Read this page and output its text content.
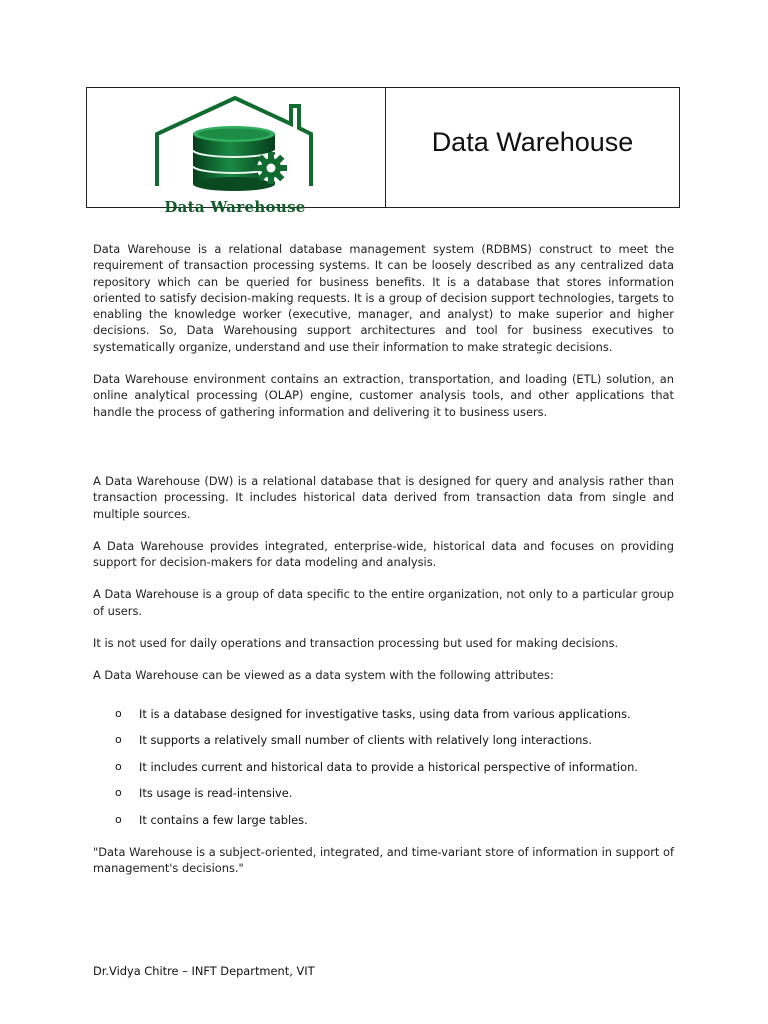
Data Warehouse
Data Warehouse

Data Warehouse is a relational database management system (RDBMS) construct to meet the requirement of transaction processing systems. It can be loosely described as any centralized data repository which can be queried for business benefits. It is a database that stores information oriented to satisfy decision-making requests. It is a group of decision support technologies, targets to enabling the knowledge worker (executive, manager, and analyst) to make superior and higher decisions. So, Data Warehousing support architectures and tool for business executives to systematically organize, understand and use their information to make strategic decisions.

Data Warehouse environment contains an extraction, transportation, and loading (ETL) solution, an online analytical processing (OLAP) engine, customer analysis tools, and other applications that handle the process of gathering information and delivering it to business users.

A Data Warehouse (DW) is a relational database that is designed for query and analysis rather than transaction processing. It includes historical data derived from transaction data from single and multiple sources.

A Data Warehouse provides integrated, enterprise-wide, historical data and focuses on providing support for decision-makers for data modeling and analysis.

A Data Warehouse is a group of data specific to the entire organization, not only to a particular group of users.

It is not used for daily operations and transaction processing but used for making decisions.

A Data Warehouse can be viewed as a data system with the following attributes:

o It is a database designed for investigative tasks, using data from various applications.
o It supports a relatively small number of clients with relatively long interactions.
o It includes current and historical data to provide a historical perspective of information.
o Its usage is read-intensive.
o It contains a few large tables.

"Data Warehouse is a subject-oriented, integrated, and time-variant store of information in support of management's decisions."

Dr.Vidya Chitre – INFT Department, VIT
